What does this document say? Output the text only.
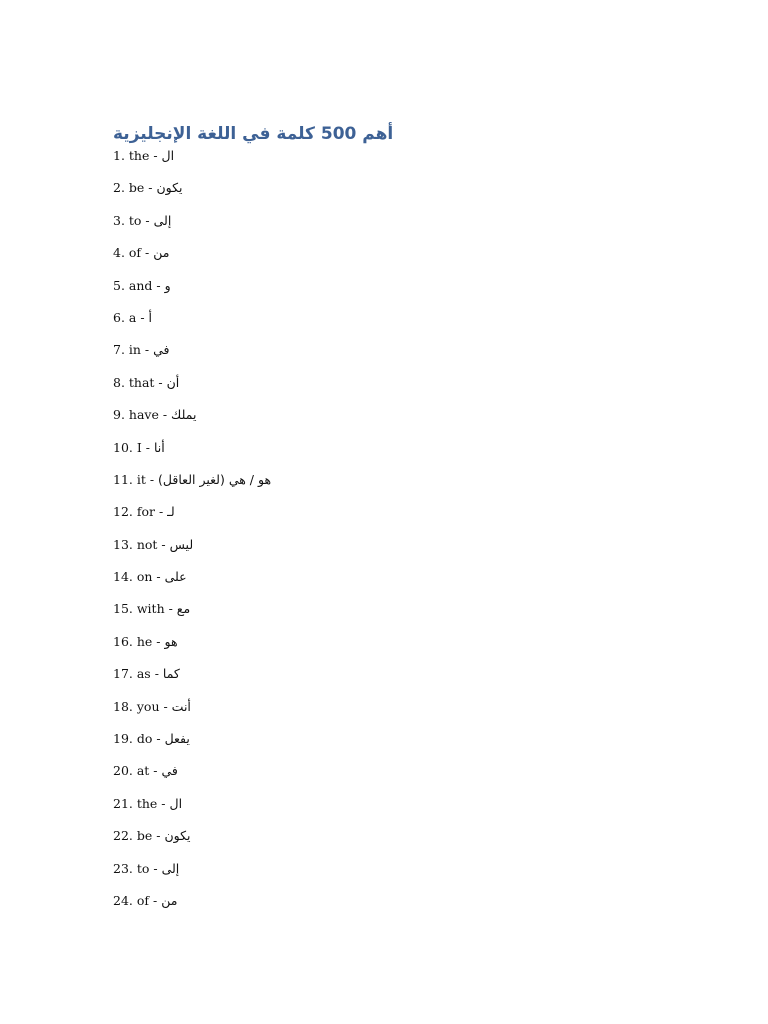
أهم 500 كلمة في اللغة الإنجليزية
1. the - ال
2. be - يكون
3. to - إلى
4. of - من
5. and - و
6. a - أ
7. in - في
8. that - أن
9. have - يملك
10. I - أنا
11. it - هو / هي (لغير العاقل)
12. for - لـ
13. not - ليس
14. on - على
15. with - مع
16. he - هو
17. as - كما
18. you - أنت
19. do - يفعل
20. at - في
21. the - ال
22. be - يكون
23. to - إلى
24. of - من
